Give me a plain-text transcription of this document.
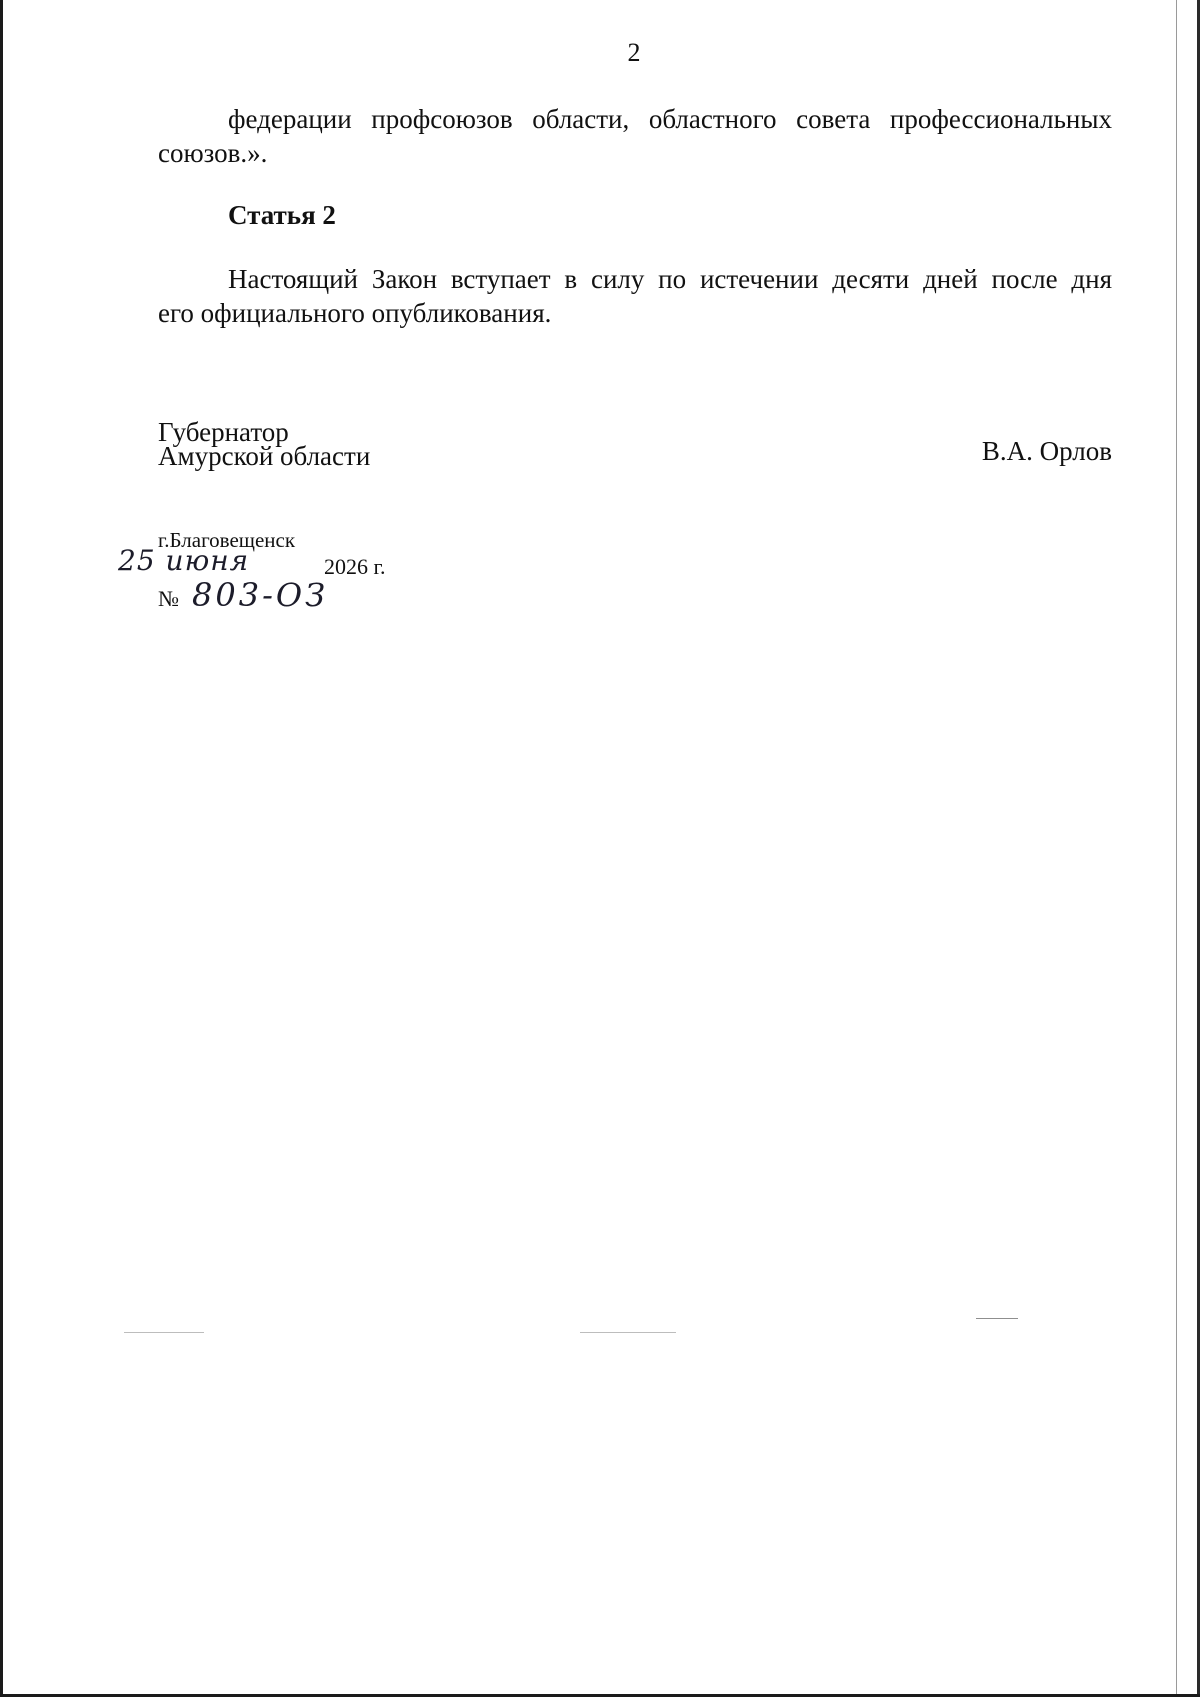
2
федерации профсоюзов области, областного совета профессиональных
союзов.».
Статья 2
Настоящий Закон вступает в силу по истечении десяти дней после дня
его официального опубликования.
Губернатор
Амурской области	В.А. Орлов
г.Благовещенск
25 июня	2026 г.
№ 803-ОЗ
